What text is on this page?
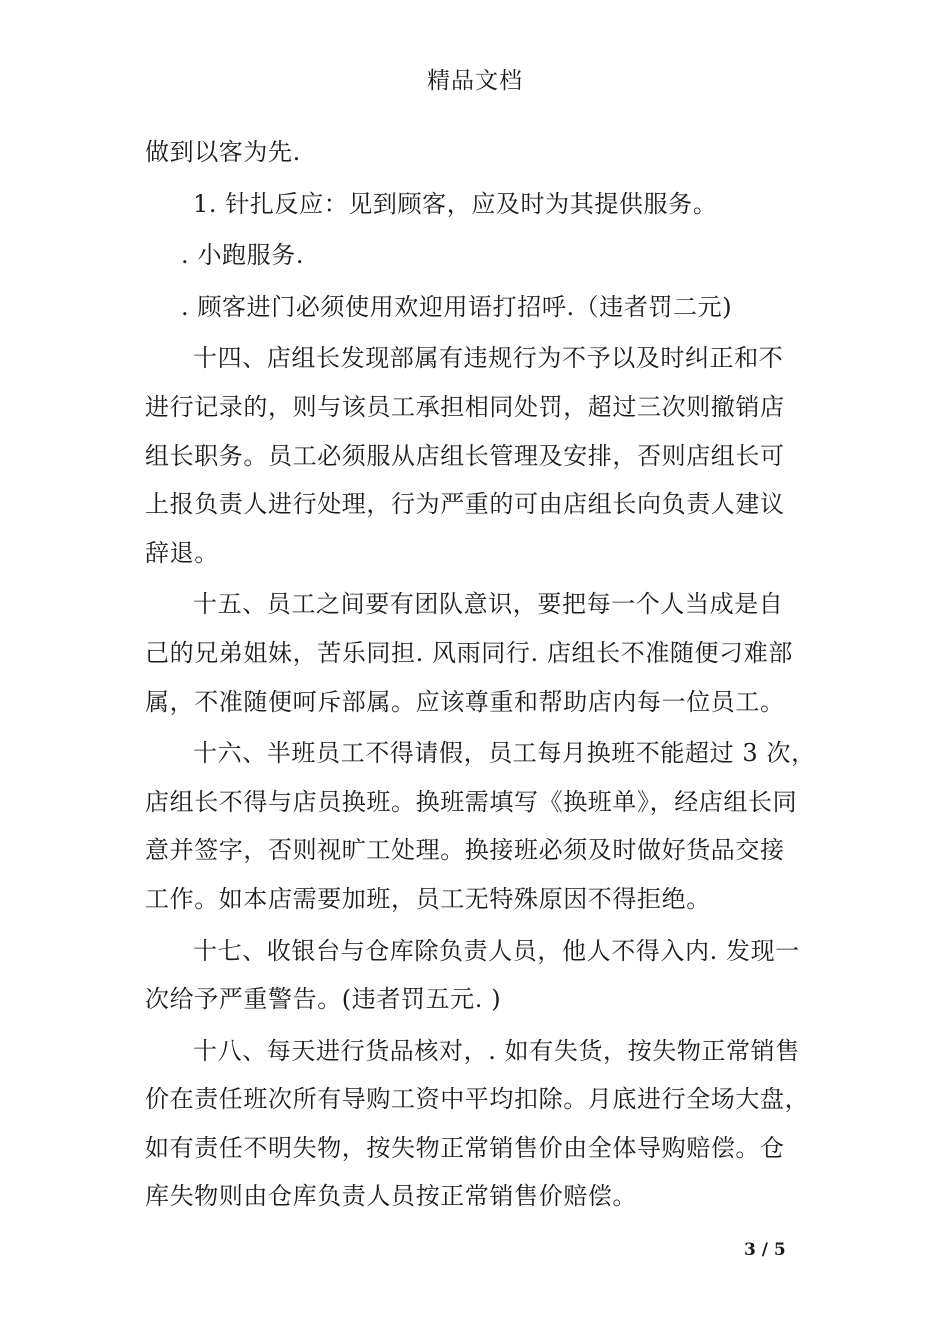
精品文档
做到以客为先.
1. 针扎反应：见到顾客，应及时为其提供服务。
. 小跑服务.
. 顾客进门必须使用欢迎用语打招呼.（违者罚二元)
十四、店组长发现部属有违规行为不予以及时纠正和不
进行记录的，则与该员工承担相同处罚，超过三次则撤销店
组长职务。员工必须服从店组长管理及安排，否则店组长可
上报负责人进行处理，行为严重的可由店组长向负责人建议
辞退。
十五、员工之间要有团队意识，要把每一个人当成是自
己的兄弟姐妹，苦乐同担. 风雨同行. 店组长不准随便刁难部
属，不准随便呵斥部属。应该尊重和帮助店内每一位员工。
十六、半班员工不得请假，员工每月换班不能超过 3 次，
店组长不得与店员换班。换班需填写《换班单》，经店组长同
意并签字，否则视旷工处理。换接班必须及时做好货品交接
工作。如本店需要加班，员工无特殊原因不得拒绝。
十七、收银台与仓库除负责人员，他人不得入内. 发现一
次给予严重警告。(违者罚五元. )
十八、每天进行货品核对，. 如有失货，按失物正常销售
价在责任班次所有导购工资中平均扣除。月底进行全场大盘，
如有责任不明失物，按失物正常销售价由全体导购赔偿。仓
库失物则由仓库负责人员按正常销售价赔偿。
3 / 5
